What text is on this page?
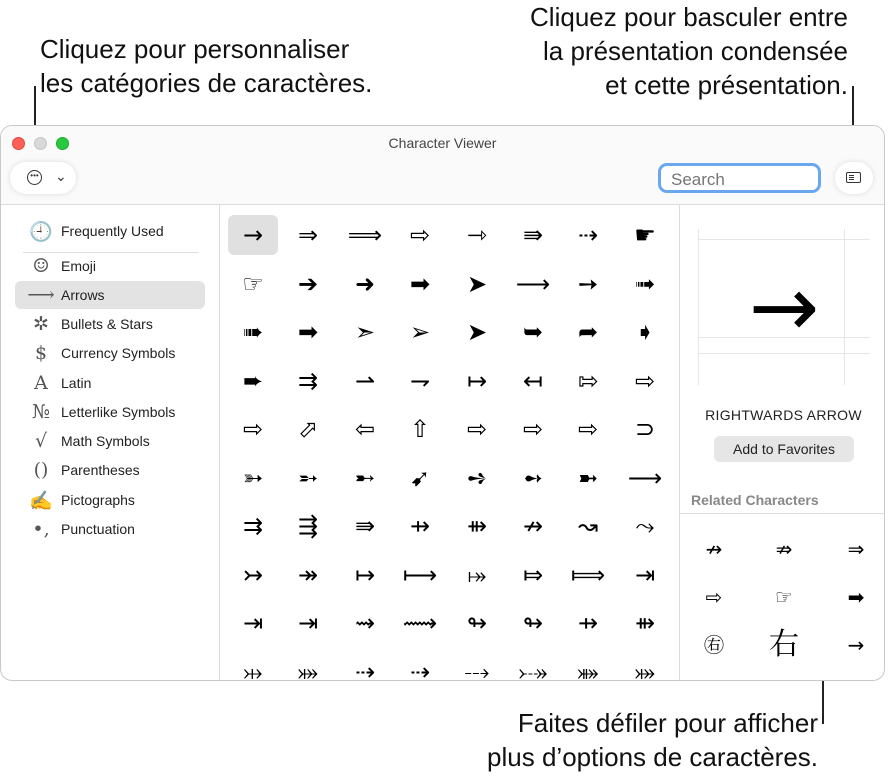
Cliquez pour personnaliser
les catégories de caractères.
Cliquez pour basculer entre
la présentation condensée
et cette présentation.
Faites défiler pour afficher
plus d’options de caractères.
Character Viewer
••• ⌄
Search
🕘 Frequently Used
☺ Emoji
⟶ Arrows
✲ Bullets & Stars
$ Currency Symbols
A Latin
№ Letterlike Symbols
√ Math Symbols
() Parentheses
✍ Pictographs
•, Punctuation
→	⇒	⟹	⇨	⇾	⇛	⇢	☛
☞	➔	➜	➡	➤	⟶	➙	➟
➠	➡	➣	➢	➤	➥	➦	➧
➨	⇉	⇀	⇁	↦	↤	⇰	⇨
⇨	⬀	⇦	⇧	⇨	⇨	⇨	⊃
➳	➵	➸	➹	➺	➻	➼	⟶
⇉	⇶	⇛	⇸	⇻	↛	↝	⤳
↣	↠	↦	⟼	⤅	⤇	⟾	⇥
⇥	⇥	⇝	⟿	↬	↬	⇸	⇻
⤔	⤗	⇢	⇢	⤏	⤐	⤘	⤗
→
RIGHTWARDS ARROW
Add to Favorites
Related Characters
↛	⇏	⇒
⇨	☞	➡
㊨	右	→
